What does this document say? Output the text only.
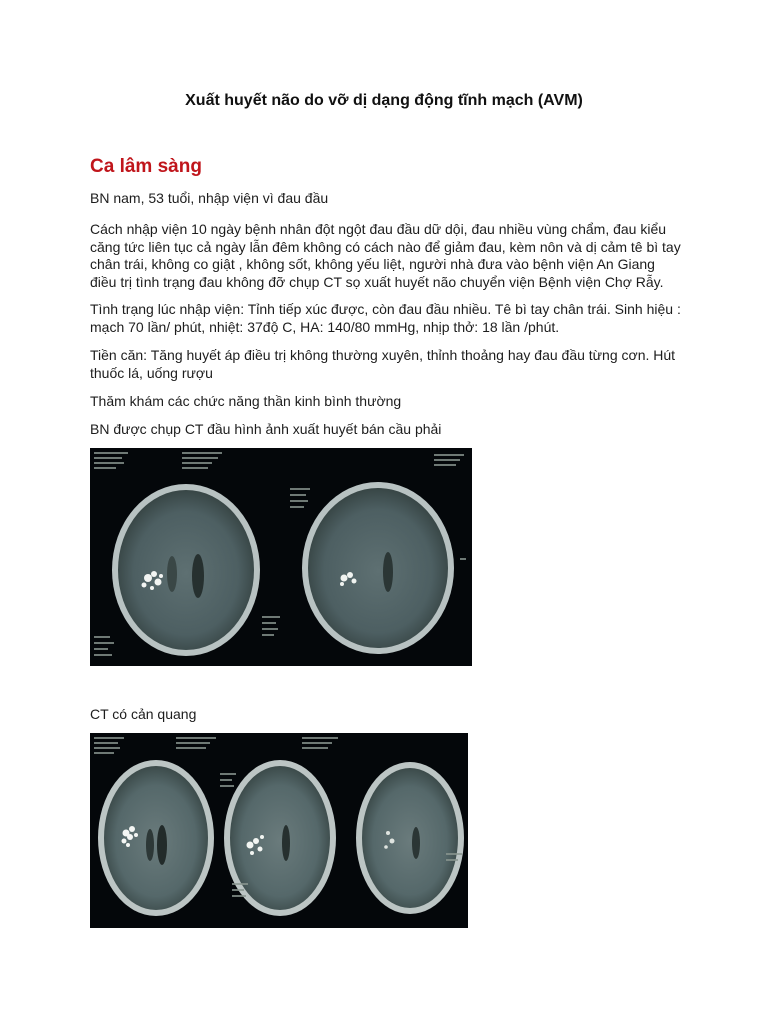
Xuất huyết não do vỡ dị dạng động tĩnh mạch (AVM)
Ca lâm sàng
BN nam, 53 tuổi, nhập viện vì đau đầu
Cách nhập viện 10 ngày bệnh nhân đột ngột đau đầu dữ dội, đau nhiều vùng chẩm, đau kiểu
căng tức liên tục cả ngày lẫn đêm không có cách nào để giảm đau, kèm nôn và dị cảm tê bì tay
chân trái, không co giật , không sốt, không yếu liệt, người nhà đưa vào bệnh viện An Giang
điều trị tình trạng đau không đỡ chụp CT sọ xuất huyết não chuyển viện Bệnh viện Chợ Rẫy.
Tình trạng lúc nhập viện: Tỉnh tiếp xúc được, còn đau đầu nhiều. Tê bì tay chân trái. Sinh hiệu :
mạch 70 lần/ phút, nhiệt: 37độ C, HA: 140/80 mmHg, nhịp thở: 18 lần /phút.
Tiền căn: Tăng huyết áp điều trị không thường xuyên, thỉnh thoảng hay đau đầu từng cơn. Hút
thuốc lá, uống rượu
Thăm khám các chức năng thần kinh bình thường
BN được chụp CT đầu hình ảnh xuất huyết bán cầu phải
CT có cản quang
